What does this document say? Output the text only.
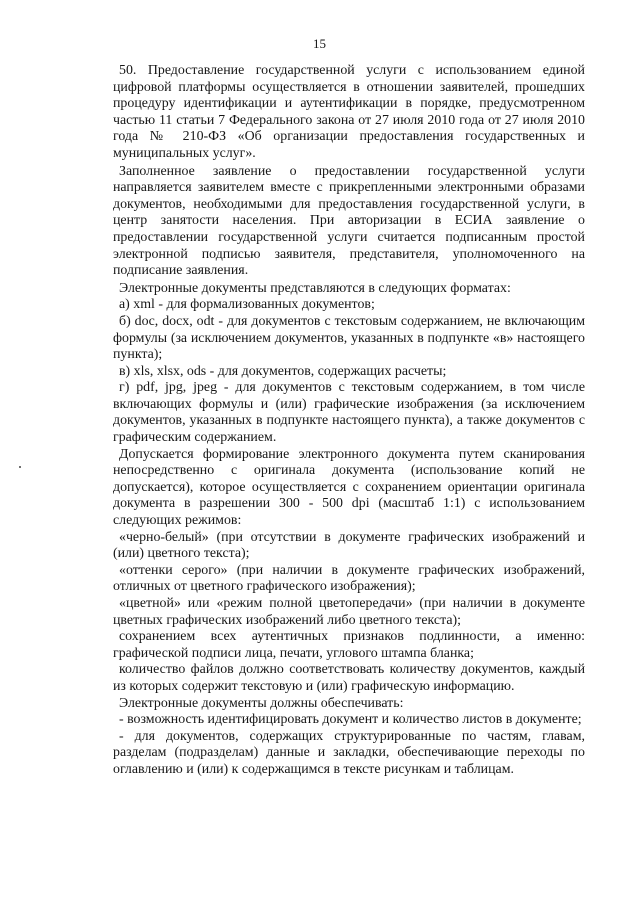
15

50. Предоставление государственной услуги с использованием единой цифровой платформы осуществляется в отношении заявителей, прошедших процедуру идентификации и аутентификации в порядке, предусмотренном частью 11 статьи 7 Федерального закона от 27 июля 2010 года от 27 июля 2010 года № 210-ФЗ «Об организации предоставления государственных и муниципальных услуг».

Заполненное заявление о предоставлении государственной услуги направляется заявителем вместе с прикрепленными электронными образами документов, необходимыми для предоставления государственной услуги, в центр занятости населения. При авторизации в ЕСИА заявление о предоставлении государственной услуги считается подписанным простой электронной подписью заявителя, представителя, уполномоченного на подписание заявления.

Электронные документы представляются в следующих форматах:

а) xml - для формализованных документов;

б) doc, docx, odt - для документов с текстовым содержанием, не включающим формулы (за исключением документов, указанных в подпункте «в» настоящего пункта);

в) xls, xlsx, ods - для документов, содержащих расчеты;

г) pdf, jpg, jpeg - для документов с текстовым содержанием, в том числе включающих формулы и (или) графические изображения (за исключением документов, указанных в подпункте настоящего пункта), а также документов с графическим содержанием.

Допускается формирование электронного документа путем сканирования непосредственно с оригинала документа (использование копий не допускается), которое осуществляется с сохранением ориентации оригинала документа в разрешении 300 - 500 dpi (масштаб 1:1) с использованием следующих режимов:

«черно-белый» (при отсутствии в документе графических изображений и (или) цветного текста);

«оттенки серого» (при наличии в документе графических изображений, отличных от цветного графического изображения);

«цветной» или «режим полной цветопередачи» (при наличии в документе цветных графических изображений либо цветного текста);

сохранением всех аутентичных признаков подлинности, а именно: графической подписи лица, печати, углового штампа бланка;

количество файлов должно соответствовать количеству документов, каждый из которых содержит текстовую и (или) графическую информацию.

Электронные документы должны обеспечивать:

- возможность идентифицировать документ и количество листов в документе;

- для документов, содержащих структурированные по частям, главам, разделам (подразделам) данные и закладки, обеспечивающие переходы по оглавлению и (или) к содержащимся в тексте рисункам и таблицам.
